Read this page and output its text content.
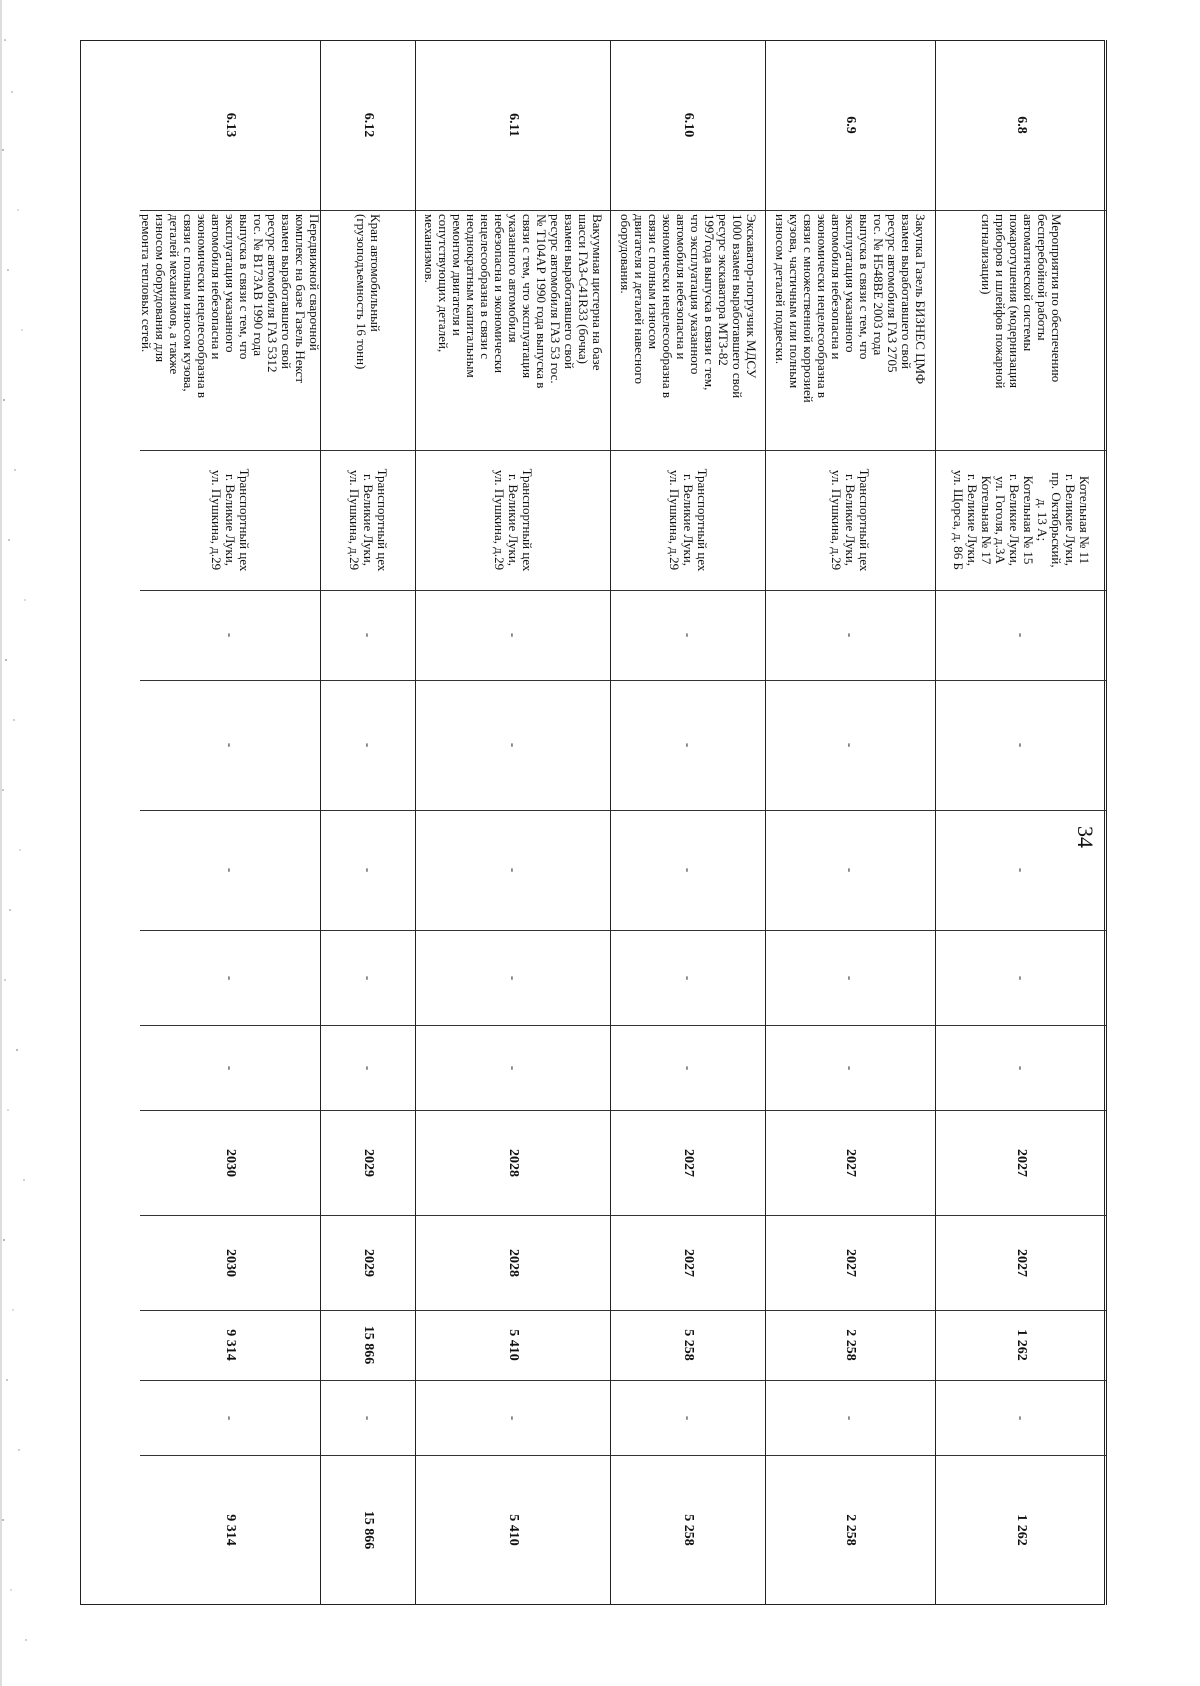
34
6.8
Мероприятия по обеспечению
бесперебойной работы
автоматической системы
пожаротушения (модернизация
приборов и шлейфов пожарной
сигнализации)
Котельная № 11
г. Великие Луки,
пр. Октябрьский,
д. 13 А;
Котельная № 15
г. Великие Луки,
ул. Гоголя, д.3А
Котельная № 17
г. Великие Луки,
ул. Щорса, д. 86 Б
-
-
-
-
-
2027
2027
1 262
-
1 262
6.9
Закупка Газель БИЗНЕС ЦМФ
взамен выработавшего свой
ресурс автомобиля ГАЗ 2705
гос. № Н548ВЕ 2003 года
выпуска в связи с тем, что
эксплуатация указанного
автомобиля небезопасна и
экономически нецелесообразна в
связи с множественной коррозией
кузова, частичным или полным
износом деталей подвески.
Транспортный цех
г. Великие Луки,
ул. Пушкина, д.29
-
-
-
-
-
2027
2027
2 258
-
2 258
6.10
Экскаватор-погрузчик МДСУ
1000 взамен выработавшего свой
ресурс экскаватора МТЗ-82
1997года выпуска в связи с тем,
что эксплуатация указанного
автомобиля небезопасна и
экономически нецелесообразна в
связи с полным износом
двигателя и деталей навесного
оборудования.
Транспортный цех
г. Великие Луки,
ул. Пушкина, д.29
-
-
-
-
-
2027
2027
5 258
-
5 258
6.11
Вакуумная цистерна на базе
шасси ГАЗ-С41R33 (бочка)
взамен выработавшего свой
ресурс автомобиля ГАЗ 53 гос.
№ Т104АР 1990 года выпуска в
связи с тем, что эксплуатация
указанного автомобиля
небезопасна и экономически
нецелесообразна в связи с
неоднократным капитальным
ремонтом двигателя и
сопутствующих деталей,
механизмов.
Транспортный цех
г. Великие Луки,
ул. Пушкина, д.29
-
-
-
-
-
2028
2028
5 410
-
5 410
6.12
Кран автомобильный
(грузоподъемность 16 тонн)
Транспортный цех
г. Великие Луки,
ул. Пушкина, д.29
-
-
-
-
-
2029
2029
15 866
-
15 866
6.13
Передвижной сварочной
комплекс на базе Газель Некст
взамен выработавшего свой
ресурс автомобиля ГАЗ 5312
гос. № В173АВ 1990 года
выпуска в связи с тем, что
эксплуатация указанного
автомобиля небезопасна и
экономически нецелесообразна в
связи с полным износом кузова,
деталей механизмов, а также
износом оборудования для
ремонта тепловых сетей.
Транспортный цех
г. Великие Луки,
ул. Пушкина, д.29
-
-
-
-
-
2030
2030
9 314
-
9 314
